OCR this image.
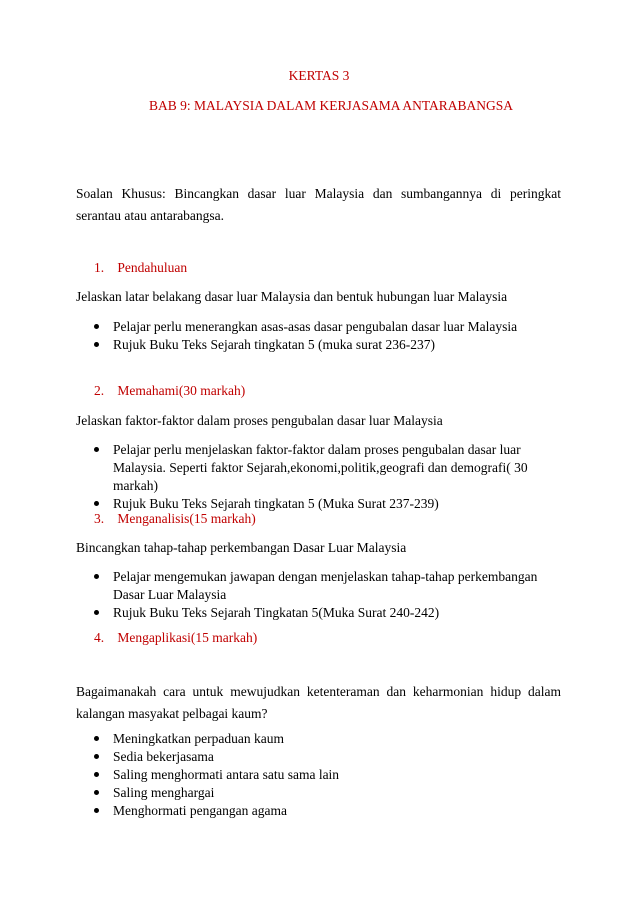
KERTAS 3
BAB 9: MALAYSIA DALAM KERJASAMA ANTARABANGSA

Soalan Khusus: Bincangkan dasar luar Malaysia dan sumbangannya di peringkat serantau atau antarabangsa.

1. Pendahuluan

Jelaskan latar belakang dasar luar Malaysia dan bentuk hubungan luar Malaysia

Pelajar perlu menerangkan asas-asas dasar pengubalan dasar luar Malaysia
Rujuk Buku Teks Sejarah tingkatan 5 (muka surat 236-237)
2. Memahami(30 markah)

Jelaskan faktor-faktor dalam proses pengubalan dasar luar Malaysia

Pelajar perlu menjelaskan faktor-faktor dalam proses pengubalan dasar luar Malaysia. Seperti faktor Sejarah,ekonomi,politik,geografi dan demografi( 30 markah)
Rujuk Buku Teks Sejarah tingkatan 5 (Muka Surat 237-239)
3. Menganalisis(15 markah)

Bincangkan tahap-tahap perkembangan Dasar Luar Malaysia

Pelajar mengemukan jawapan dengan menjelaskan tahap-tahap perkembangan Dasar Luar Malaysia
Rujuk Buku Teks Sejarah Tingkatan 5(Muka Surat 240-242)
4. Mengaplikasi(15 markah)

Bagaimanakah cara untuk mewujudkan ketenteraman dan keharmonian hidup dalam kalangan masyakat pelbagai kaum?

Meningkatkan perpaduan kaum
Sedia bekerjasama
Saling menghormati antara satu sama lain
Saling menghargai
Menghormati pengangan agama
